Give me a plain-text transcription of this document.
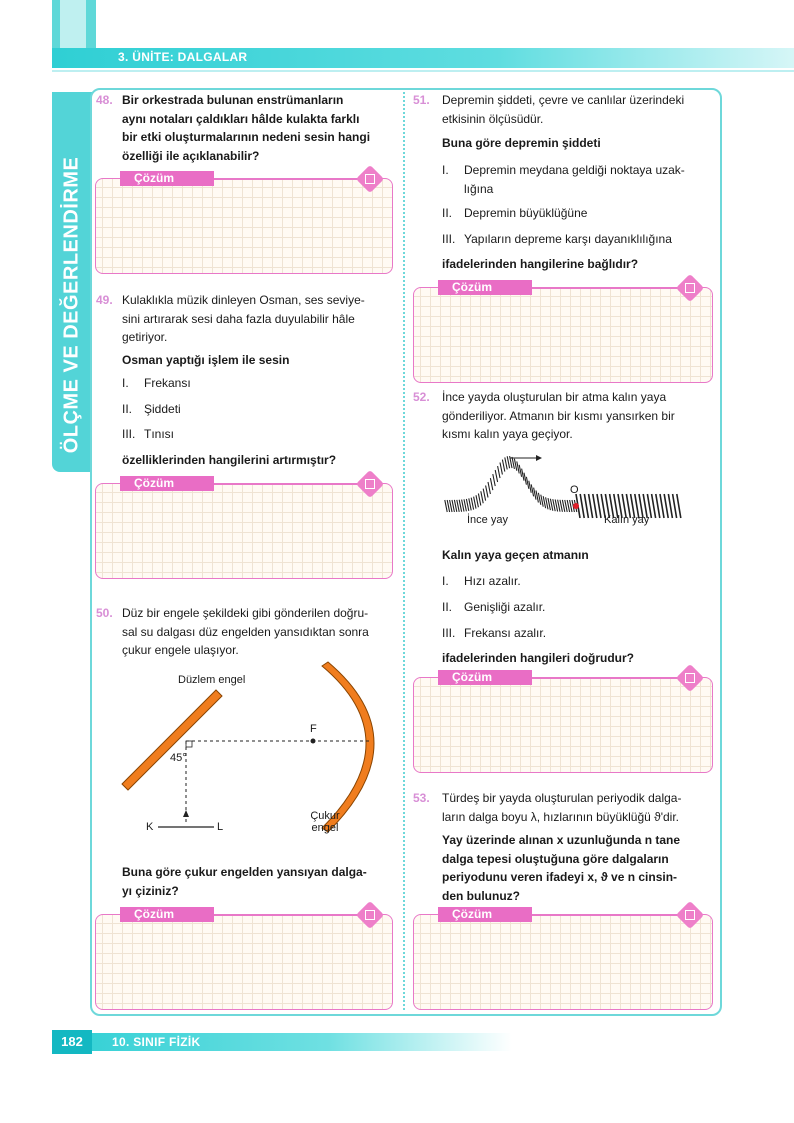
3. ÜNİTE: DALGALAR
ÖLÇME VE DEĞERLENDİRME
48. Bir orkestrada bulunan enstrümanların
aynı notaları çaldıkları hâlde kulakta farklı
bir etki oluşturmalarının nedeni sesin hangi
özelliği ile açıklanabilir?
Çözüm
49. Kulaklıkla müzik dinleyen Osman, ses seviye-
sini artırarak sesi daha fazla duyulabilir hâle
getiriyor.
Osman yaptığı işlem ile sesin
I. Frekansı
II. Şiddeti
III. Tınısı
özelliklerinden hangilerini artırmıştır?
Çözüm
50. Düz bir engele şekildeki gibi gönderilen doğru-
sal su dalgası düz engelden yansıdıktan sonra
çukur engele ulaşıyor.
Düzlem engel
45°
F
K	L
Çukur
engel
Buna göre çukur engelden yansıyan dalga-
yı çiziniz?
Çözüm
51. Depremin şiddeti, çevre ve canlılar üzerindeki
etkisinin ölçüsüdür.
Buna göre depremin şiddeti
I. Depremin meydana geldiği noktaya uzak-
lığına
II. Depremin büyüklüğüne
III. Yapıların depreme karşı dayanıklılığına
ifadelerinden hangilerine bağlıdır?
Çözüm
52. İnce yayda oluşturulan bir atma kalın yaya
gönderiliyor. Atmanın bir kısmı yansırken bir
kısmı kalın yaya geçiyor.
O
İnce yay	Kalın yay
Kalın yaya geçen atmanın
I. Hızı azalır.
II. Genişliği azalır.
III. Frekansı azalır.
ifadelerinden hangileri doğrudur?
Çözüm
53. Türdeş bir yayda oluşturulan periyodik dalga-
ların dalga boyu λ, hızlarının büyüklüğü ϑ'dir.
Yay üzerinde alınan x uzunluğunda n tane
dalga tepesi oluştuğuna göre dalgaların
periyodunu veren ifadeyi x, ϑ ve n cinsin-
den bulunuz?
Çözüm
182	10. SINIF FİZİK
